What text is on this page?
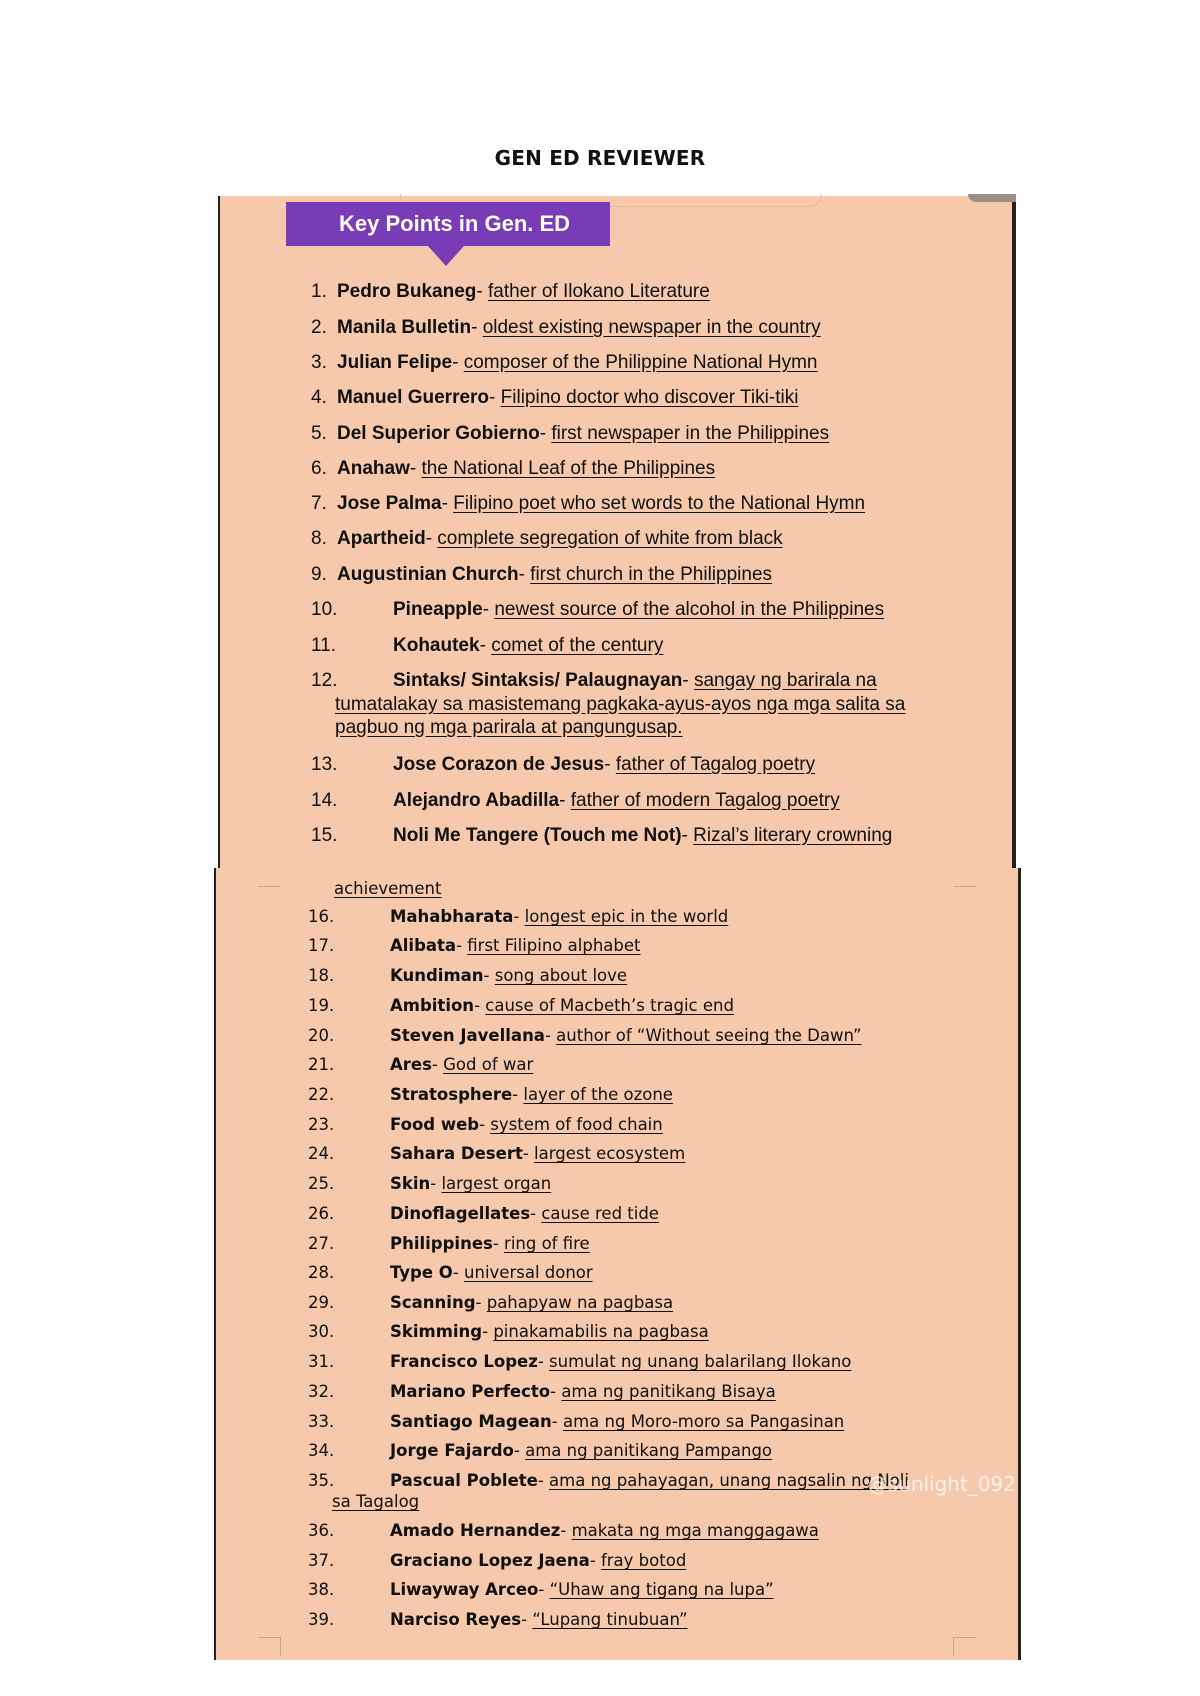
GEN ED REVIEWER
Key Points in Gen. ED
1. Pedro Bukaneg- father of Ilokano Literature
2. Manila Bulletin- oldest existing newspaper in the country
3. Julian Felipe- composer of the Philippine National Hymn
4. Manuel Guerrero- Filipino doctor who discover Tiki-tiki
5. Del Superior Gobierno- first newspaper in the Philippines
6. Anahaw- the National Leaf of the Philippines
7. Jose Palma- Filipino poet who set words to the National Hymn
8. Apartheid- complete segregation of white from black
9. Augustinian Church- first church in the Philippines
10.	Pineapple- newest source of the alcohol in the Philippines
11.	Kohautek- comet of the century
12.	Sintaks/ Sintaksis/ Palaugnayan- sangay ng barirala na
tumatalakay sa masistemang pagkaka-ayus-ayos nga mga salita sa
pagbuo ng mga parirala at pangungusap.
13.	Jose Corazon de Jesus- father of Tagalog poetry
14.	Alejandro Abadilla- father of modern Tagalog poetry
15.	Noli Me Tangere (Touch me Not)- Rizal’s literary crowning
achievement
16.	Mahabharata- longest epic in the world
17.	Alibata- first Filipino alphabet
18.	Kundiman- song about love
19.	Ambition- cause of Macbeth’s tragic end
20.	Steven Javellana- author of “Without seeing the Dawn”
21.	Ares- God of war
22.	Stratosphere- layer of the ozone
23.	Food web- system of food chain
24.	Sahara Desert- largest ecosystem
25.	Skin- largest organ
26.	Dinoflagellates- cause red tide
27.	Philippines- ring of fire
28.	Type O- universal donor
29.	Scanning- pahapyaw na pagbasa
30.	Skimming- pinakamabilis na pagbasa
31.	Francisco Lopez- sumulat ng unang balarilang Ilokano
32.	Mariano Perfecto- ama ng panitikang Bisaya
33.	Santiago Magean- ama ng Moro-moro sa Pangasinan
34.	Jorge Fajardo- ama ng panitikang Pampango
35.	Pascual Poblete- ama ng pahayagan, unang nagsalin ng Noli
sa Tagalog
@sunlight_092
36.	Amado Hernandez- makata ng mga manggagawa
37.	Graciano Lopez Jaena- fray botod
38.	Liwayway Arceo- “Uhaw ang tigang na lupa”
39.	Narciso Reyes- “Lupang tinubuan”
